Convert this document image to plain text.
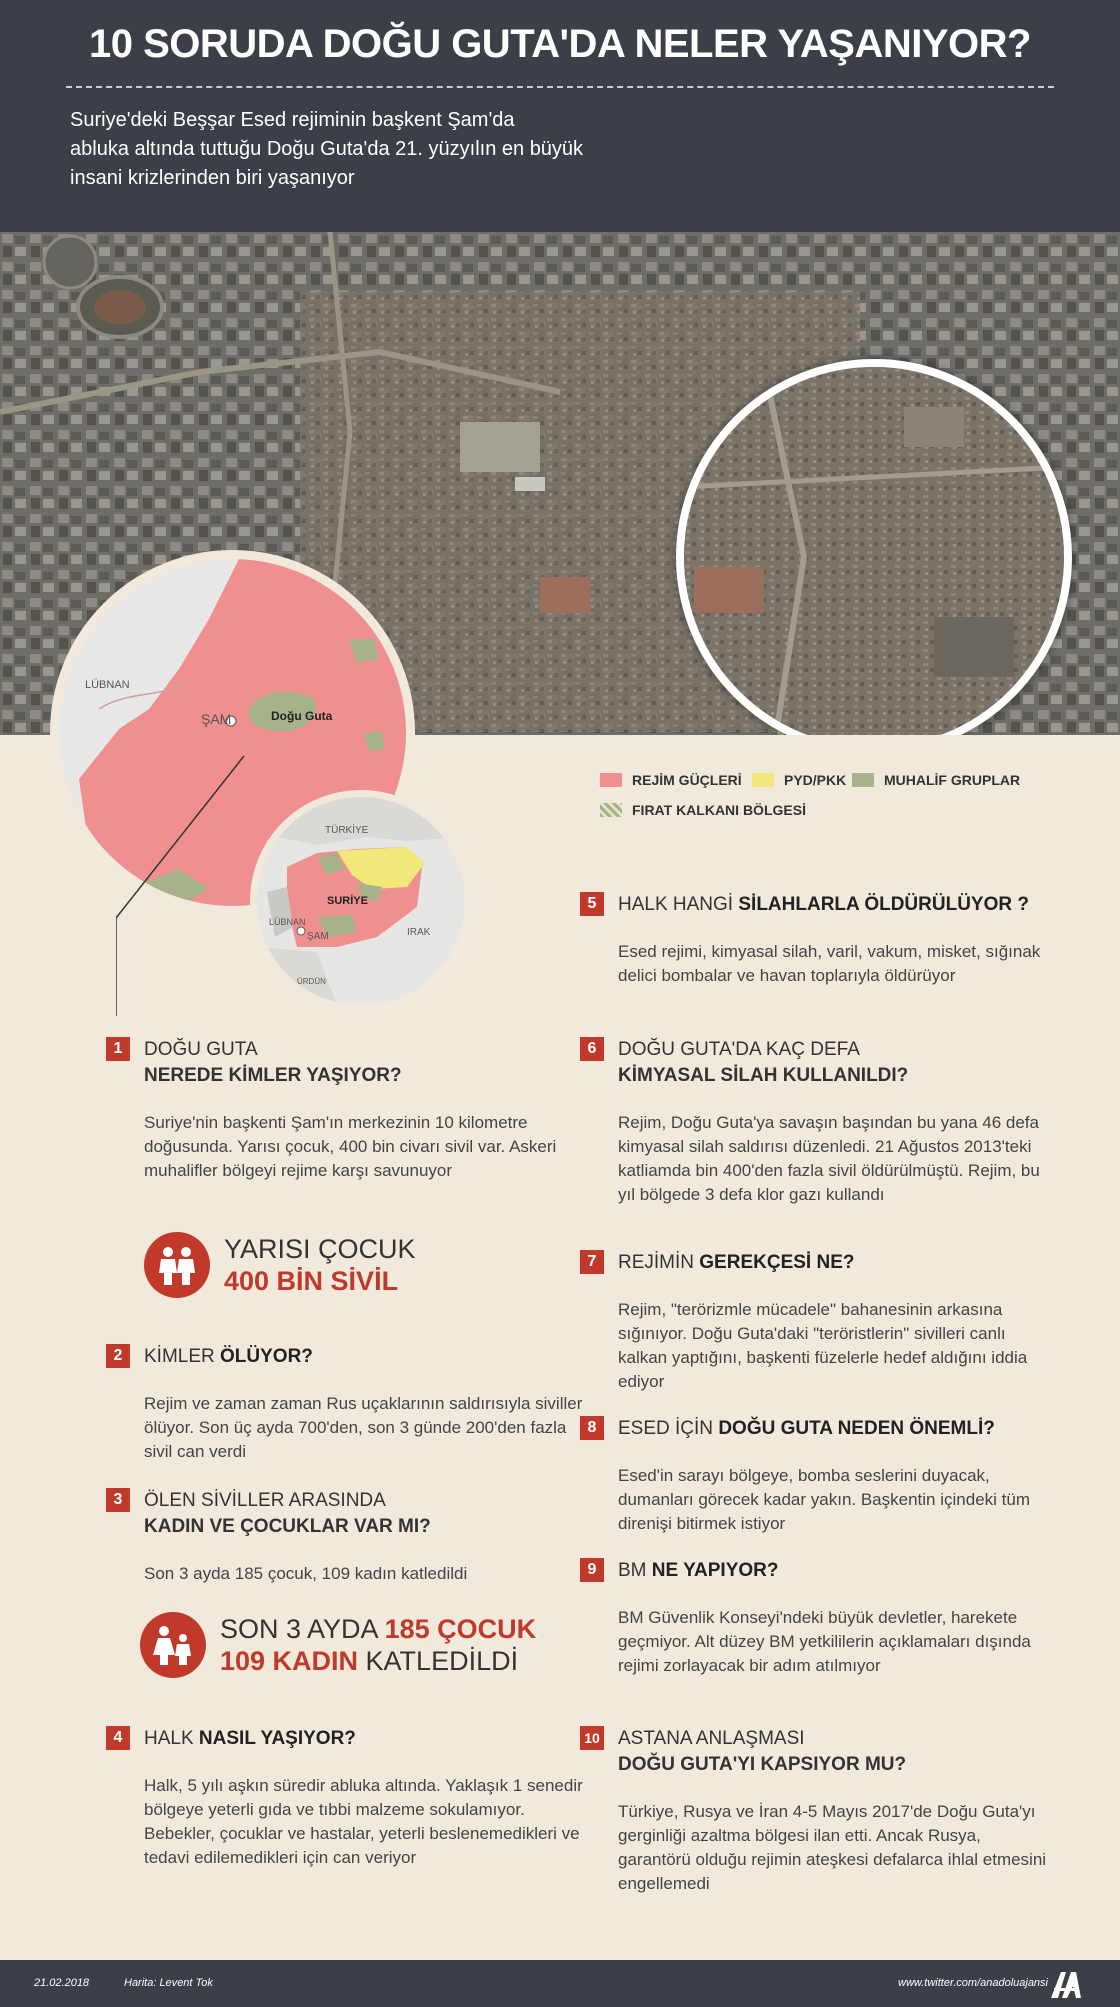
10 SORUDA DOĞU GUTA'DA NELER YAŞANIYOR?
Suriye'deki Beşşar Esed rejiminin başkent Şam'da
abluka altında tuttuğu Doğu Guta'da 21. yüzyılın en büyük
insani krizlerinden biri yaşanıyor
LÜBNAN
ŞAM	Doğu Guta
TÜRKİYE
SURİYE
LÜBNAN
ŞAM	IRAK
ÜRDÜN
REJİM GÜÇLERİ	PYD/PKK	MUHALİF GRUPLAR
FIRAT KALKANI BÖLGESİ
1	DOĞU GUTA
NEREDE KİMLER YAŞIYOR?
Suriye'nin başkenti Şam'ın merkezinin 10 kilometre doğusunda. Yarısı çocuk, 400 bin civarı sivil var. Askeri muhalifler bölgeyi rejime karşı savunuyor
YARISI ÇOCUK
400 BİN SİVİL
2	KİMLER ÖLÜYOR?
Rejim ve zaman zaman Rus uçaklarının saldırısıyla siviller ölüyor. Son üç ayda 700'den, son 3 günde 200'den fazla sivil can verdi
3	ÖLEN SİVİLLER ARASINDA
KADIN VE ÇOCUKLAR VAR MI?
Son 3 ayda 185 çocuk, 109 kadın katledildi
SON 3 AYDA 185 ÇOCUK
109 KADIN KATLEDİLDİ
4	HALK NASIL YAŞIYOR?
Halk, 5 yılı aşkın süredir abluka altında. Yaklaşık 1 senedir bölgeye yeterli gıda ve tıbbi malzeme sokulamıyor. Bebekler, çocuklar ve hastalar, yeterli beslenemedikleri ve tedavi edilemedikleri için can veriyor
5	HALK HANGİ SİLAHLARLA ÖLDÜRÜLÜYOR ?
Esed rejimi, kimyasal silah, varil, vakum, misket, sığınak delici bombalar ve havan toplarıyla öldürüyor
6	DOĞU GUTA'DA KAÇ DEFA
KİMYASAL SİLAH KULLANILDI?
Rejim, Doğu Guta'ya savaşın başından bu yana 46 defa kimyasal silah saldırısı düzenledi. 21 Ağustos 2013'teki katliamda bin 400'den fazla sivil öldürülmüştü. Rejim, bu yıl bölgede 3 defa klor gazı kullandı
7	REJİMİN GEREKÇESİ NE?
Rejim, "terörizmle mücadele" bahanesinin arkasına sığınıyor. Doğu Guta'daki "teröristlerin" sivilleri canlı kalkan yaptığını, başkenti füzelerle hedef aldığını iddia ediyor
8	ESED İÇİN DOĞU GUTA NEDEN ÖNEMLİ?
Esed'in sarayı bölgeye, bomba seslerini duyacak, dumanları görecek kadar yakın. Başkentin içindeki tüm direnişi bitirmek istiyor
9	BM NE YAPIYOR?
BM Güvenlik Konseyi'ndeki büyük devletler, harekete geçmiyor. Alt düzey BM yetkililerin açıklamaları dışında rejimi zorlayacak bir adım atılmıyor
10 ASTANA ANLAŞMASI
DOĞU GUTA'YI KAPSIYOR MU?
Türkiye, Rusya ve İran 4-5 Mayıs 2017'de Doğu Guta'yı gerginliği azaltma bölgesi ilan etti. Ancak Rusya, garantörü olduğu rejimin ateşkesi defalarca ihlal etmesini engellemedi
21.02.2018	Harita: Levent Tok	www.twitter.com/anadoluajansi
